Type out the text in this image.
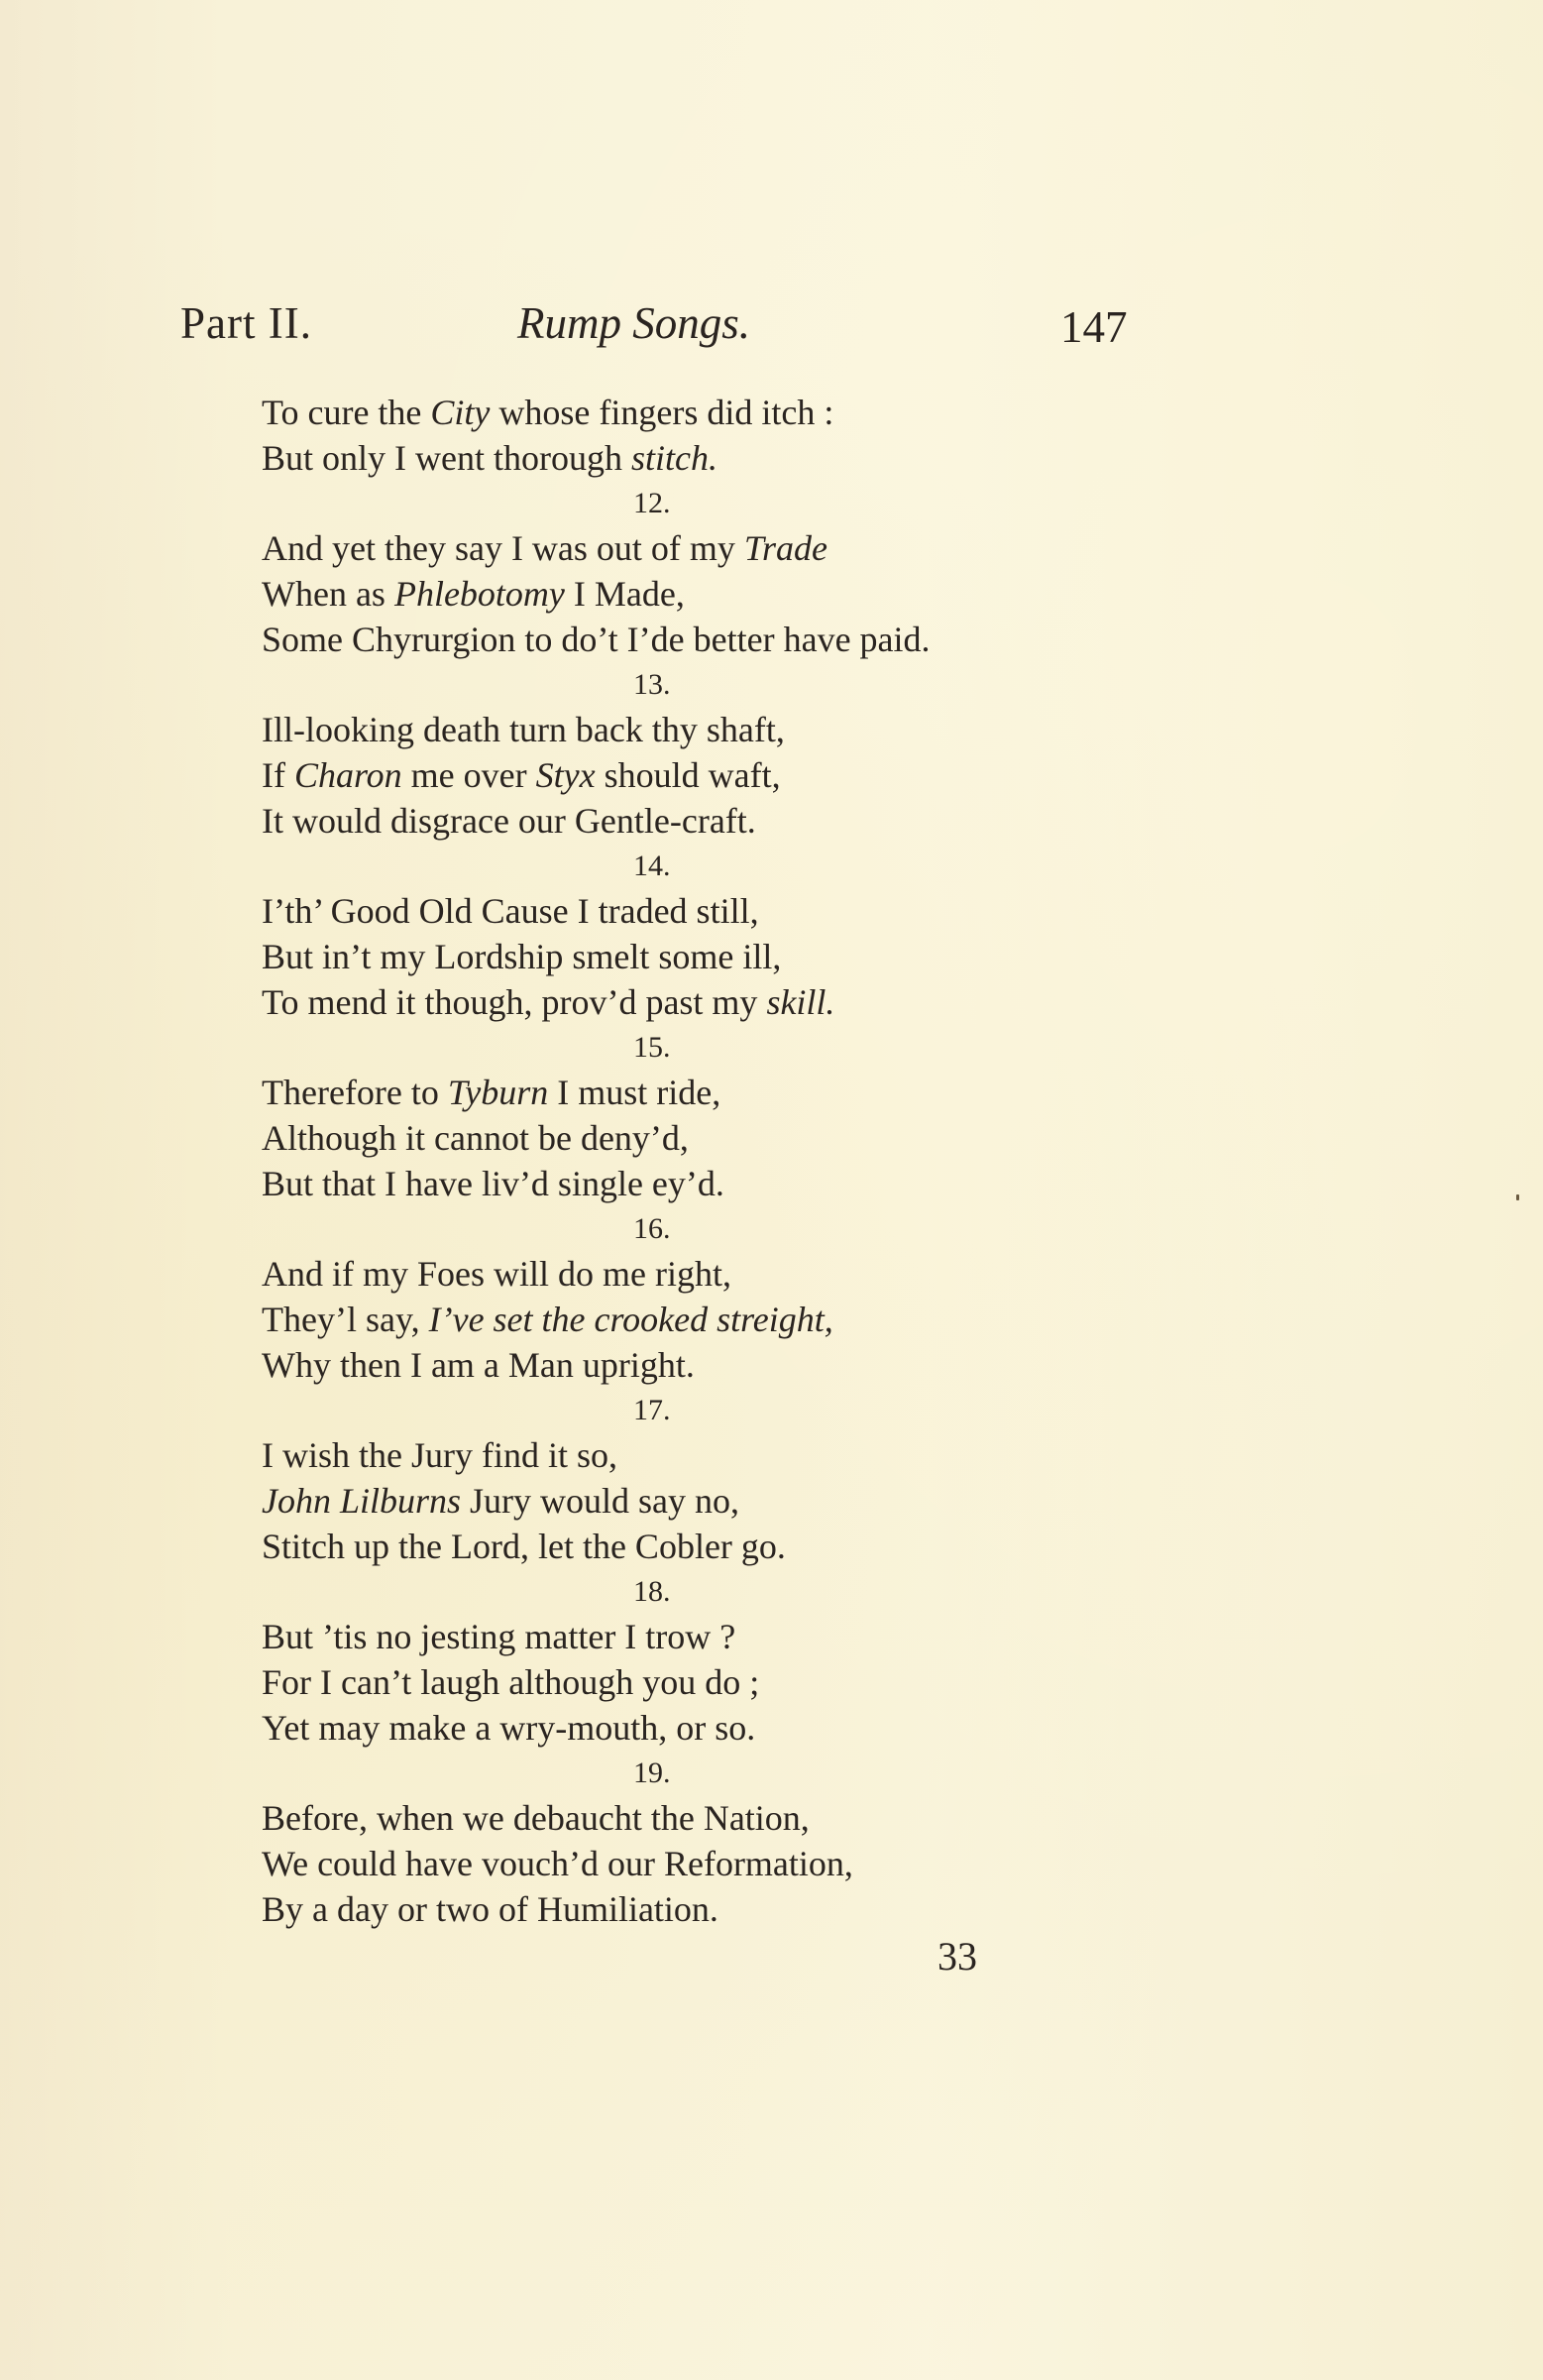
Part II.	Rump Songs.	147
To cure the City whose fingers did itch :
But only I went thorough stitch.
12.
And yet they say I was out of my Trade
When as Phlebotomy I Made,
Some Chyrurgion to do’t I’de better have paid.
13.
Ill-looking death turn back thy shaft,
If Charon me over Styx should waft,
It would disgrace our Gentle-craft.
14.
I’th’ Good Old Cause I traded still,
But in’t my Lordship smelt some ill,
To mend it though, prov’d past my skill.
15.
Therefore to Tyburn I must ride,
Although it cannot be deny’d,
But that I have liv’d single ey’d.
16.
And if my Foes will do me right,
They’l say, I’ve set the crooked streight,
Why then I am a Man upright.
17.
I wish the Jury find it so,
John Lilburns Jury would say no,
Stitch up the Lord, let the Cobler go.
18.
But ’tis no jesting matter I trow ?
For I can’t laugh although you do ;
Yet may make a wry-mouth, or so.
19.
Before, when we debaucht the Nation,
We could have vouch’d our Reformation,
By a day or two of Humiliation.
33
